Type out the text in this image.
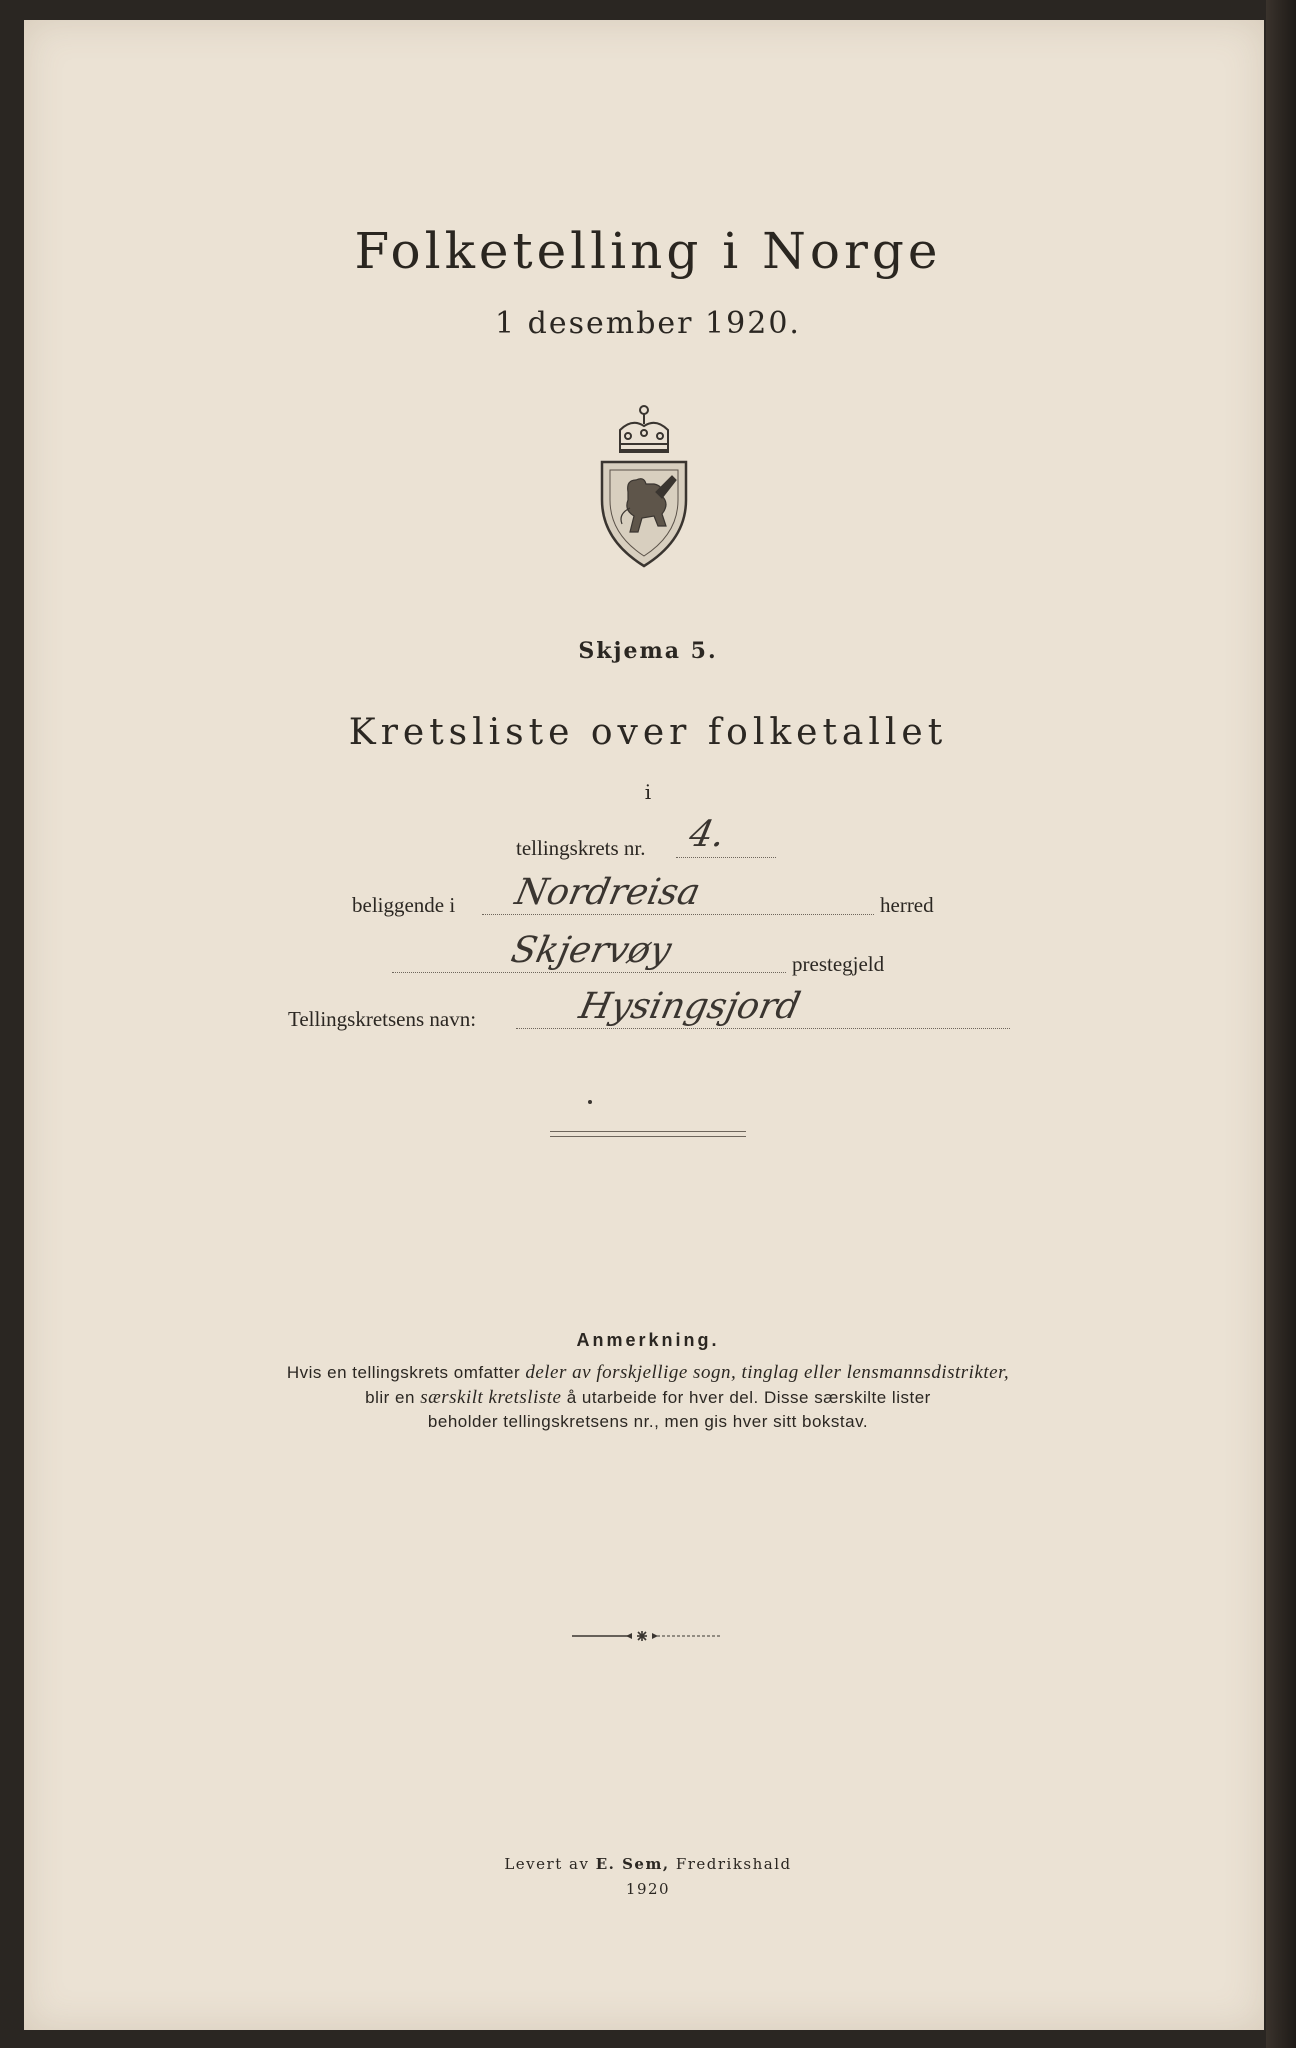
Folketelling i Norge
1 desember 1920.
Skjema 5.
Kretsliste over folketallet
i
tellingskrets nr. 4.
beliggende i Nordreisa	herred
Skjervøy	prestegjeld
Tellingskretsens navn:	Hysingsjord
Anmerkning.
Hvis en tellingskrets omfatter deler av forskjellige sogn, tinglag eller lensmannsdistrikter,
blir en særskilt kretsliste å utarbeide for hver del. Disse særskilte lister
beholder tellingskretsens nr., men gis hver sitt bokstav.
Levert av E. Sem, Fredrikshald
1920
